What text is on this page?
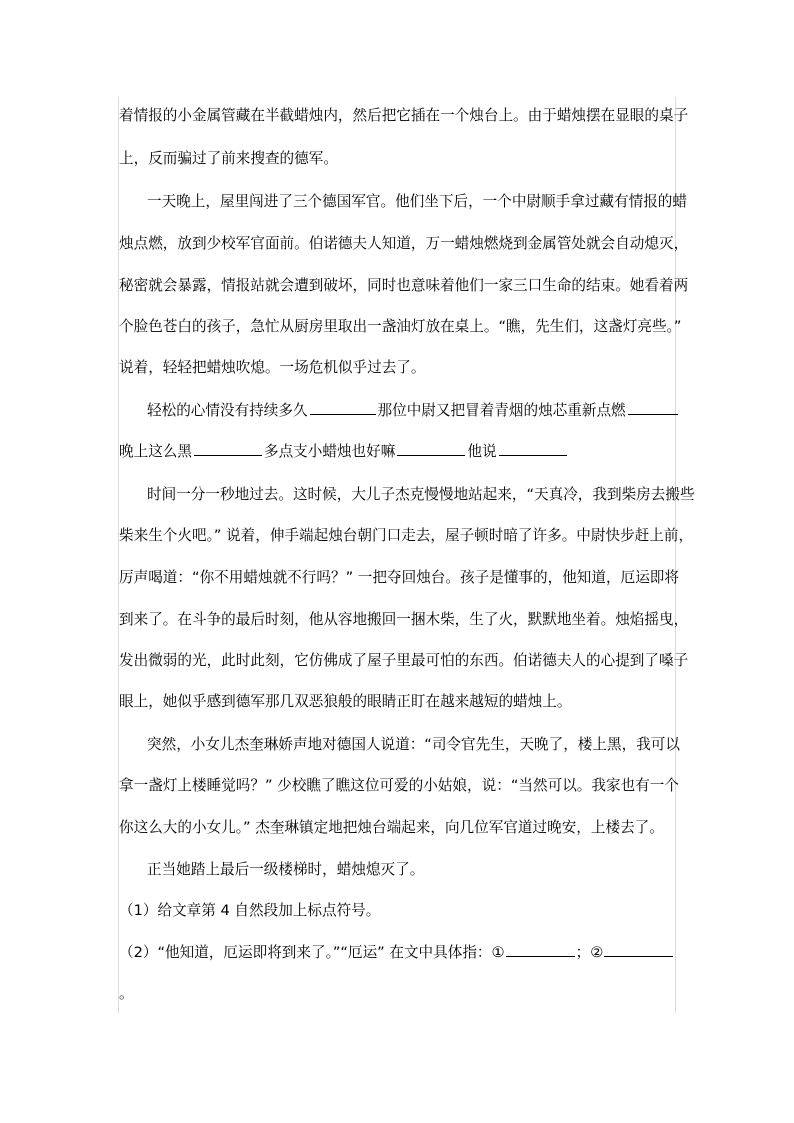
着情报的小金属管藏在半截蜡烛内，然后把它插在一个烛台上。由于蜡烛摆在显眼的桌子
上，反而骗过了前来搜查的德军。
一天晚上，屋里闯进了三个德国军官。他们坐下后，一个中尉顺手拿过藏有情报的蜡
烛点燃，放到少校军官面前。伯诺德夫人知道，万一蜡烛燃烧到金属管处就会自动熄灭，
秘密就会暴露，情报站就会遭到破坏，同时也意味着他们一家三口生命的结束。她看着两
个脸色苍白的孩子，急忙从厨房里取出一盏油灯放在桌上。“瞧，先生们，这盏灯亮些。”
说着，轻轻把蜡烛吹熄。一场危机似乎过去了。
轻松的心情没有持续多久	那位中尉又把冒着青烟的烛芯重新点燃
晚上这么黑	多点支小蜡烛也好嘛	他说
时间一分一秒地过去。这时候，大儿子杰克慢慢地站起来，“天真冷，我到柴房去搬些
柴来生个火吧。” 说着，伸手端起烛台朝门口走去，屋子顿时暗了许多。中尉快步赶上前，
厉声喝道：“你不用蜡烛就不行吗？” 一把夺回烛台。孩子是懂事的，他知道，厄运即将
到来了。在斗争的最后时刻，他从容地搬回一捆木柴，生了火，默默地坐着。烛焰摇曳，
发出微弱的光，此时此刻，它仿佛成了屋子里最可怕的东西。伯诺德夫人的心提到了嗓子
眼上，她似乎感到德军那几双恶狼般的眼睛正盯在越来越短的蜡烛上。
突然，小女儿杰奎琳娇声地对德国人说道：“司令官先生，天晚了，楼上黑，我可以
拿一盏灯上楼睡觉吗？” 少校瞧了瞧这位可爱的小姑娘，说：“当然可以。我家也有一个
你这么大的小女儿。” 杰奎琳镇定地把烛台端起来，向几位军官道过晚安，上楼去了。
正当她踏上最后一级楼梯时，蜡烛熄灭了。
（1）给文章第 4 自然段加上标点符号。
（2）“他知道，厄运即将到来了。”“厄运” 在文中具体指：①	；②
。
